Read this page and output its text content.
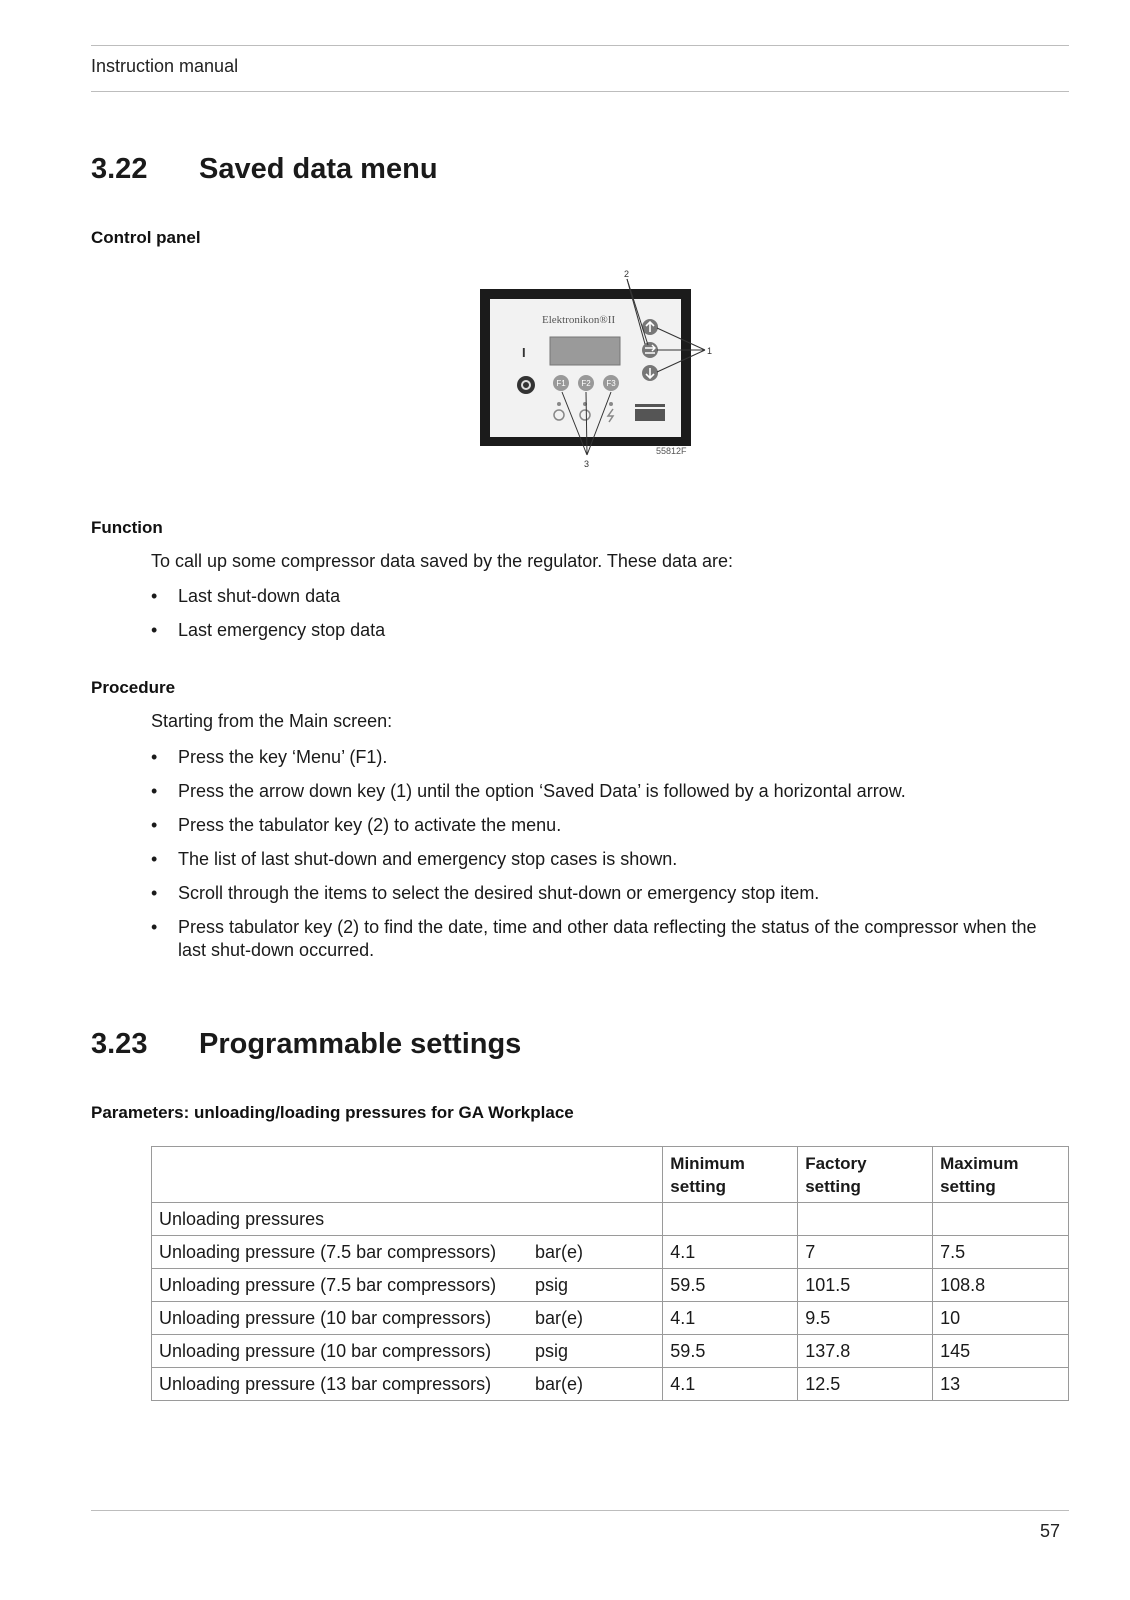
Instruction manual
3.22 Saved data menu
Control panel
Elektronikon®II
I
F1 F2 F3
2
1
3
55812F
Function
To call up some compressor data saved by the regulator. These data are:
• Last shut-down data
• Last emergency stop data
Procedure
Starting from the Main screen:
• Press the key ‘Menu’ (F1).
• Press the arrow down key (1) until the option ‘Saved Data’ is followed by a horizontal arrow.
• Press the tabulator key (2) to activate the menu.
• The list of last shut-down and emergency stop cases is shown.
• Scroll through the items to select the desired shut-down or emergency stop item.
• Press tabulator key (2) to find the date, time and other data reflecting the status of the compressor when the last shut-down occurred.
3.23 Programmable settings
Parameters: unloading/loading pressures for GA Workplace
		Minimum setting	Factory setting	Maximum setting
Unloading pressures				
Unloading pressure (7.5 bar compressors)	bar(e)	4.1	7	7.5
Unloading pressure (7.5 bar compressors)	psig	59.5	101.5	108.8
Unloading pressure (10 bar compressors)	bar(e)	4.1	9.5	10
Unloading pressure (10 bar compressors)	psig	59.5	137.8	145
Unloading pressure (13 bar compressors)	bar(e)	4.1	12.5	13
57
